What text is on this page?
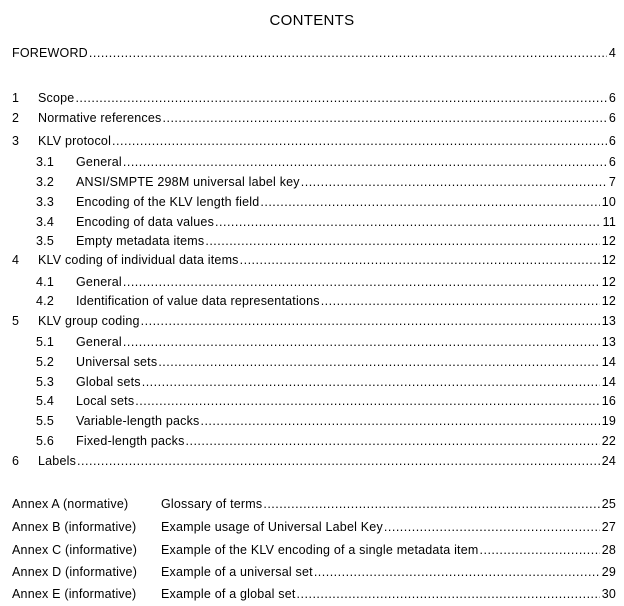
CONTENTS
FOREWORD .....	4
1	Scope .....	6
2	Normative references .....	6
3	KLV protocol .....	6
3.1	General .....	6
3.2	ANSI/SMPTE 298M universal label key .....	7
3.3	Encoding of the KLV length field .....	10
3.4	Encoding of data values .....	11
3.5	Empty metadata items .....	12
4	KLV coding of individual data items .....	12
4.1	General .....	12
4.2	Identification of value data representations .....	12
5	KLV group coding .....	13
5.1	General .....	13
5.2	Universal sets .....	14
5.3	Global sets .....	14
5.4	Local sets .....	16
5.5	Variable-length packs .....	19
5.6	Fixed-length packs .....	22
6	Labels .....	24
Annex A (normative)	Glossary of terms .....	25
Annex B (informative)	Example usage of Universal Label Key .....	27
Annex C (informative)	Example of the KLV encoding of a single metadata item .....	28
Annex D (informative)	Example of a universal set .....	29
Annex E (informative)	Example of a global set .....	30
